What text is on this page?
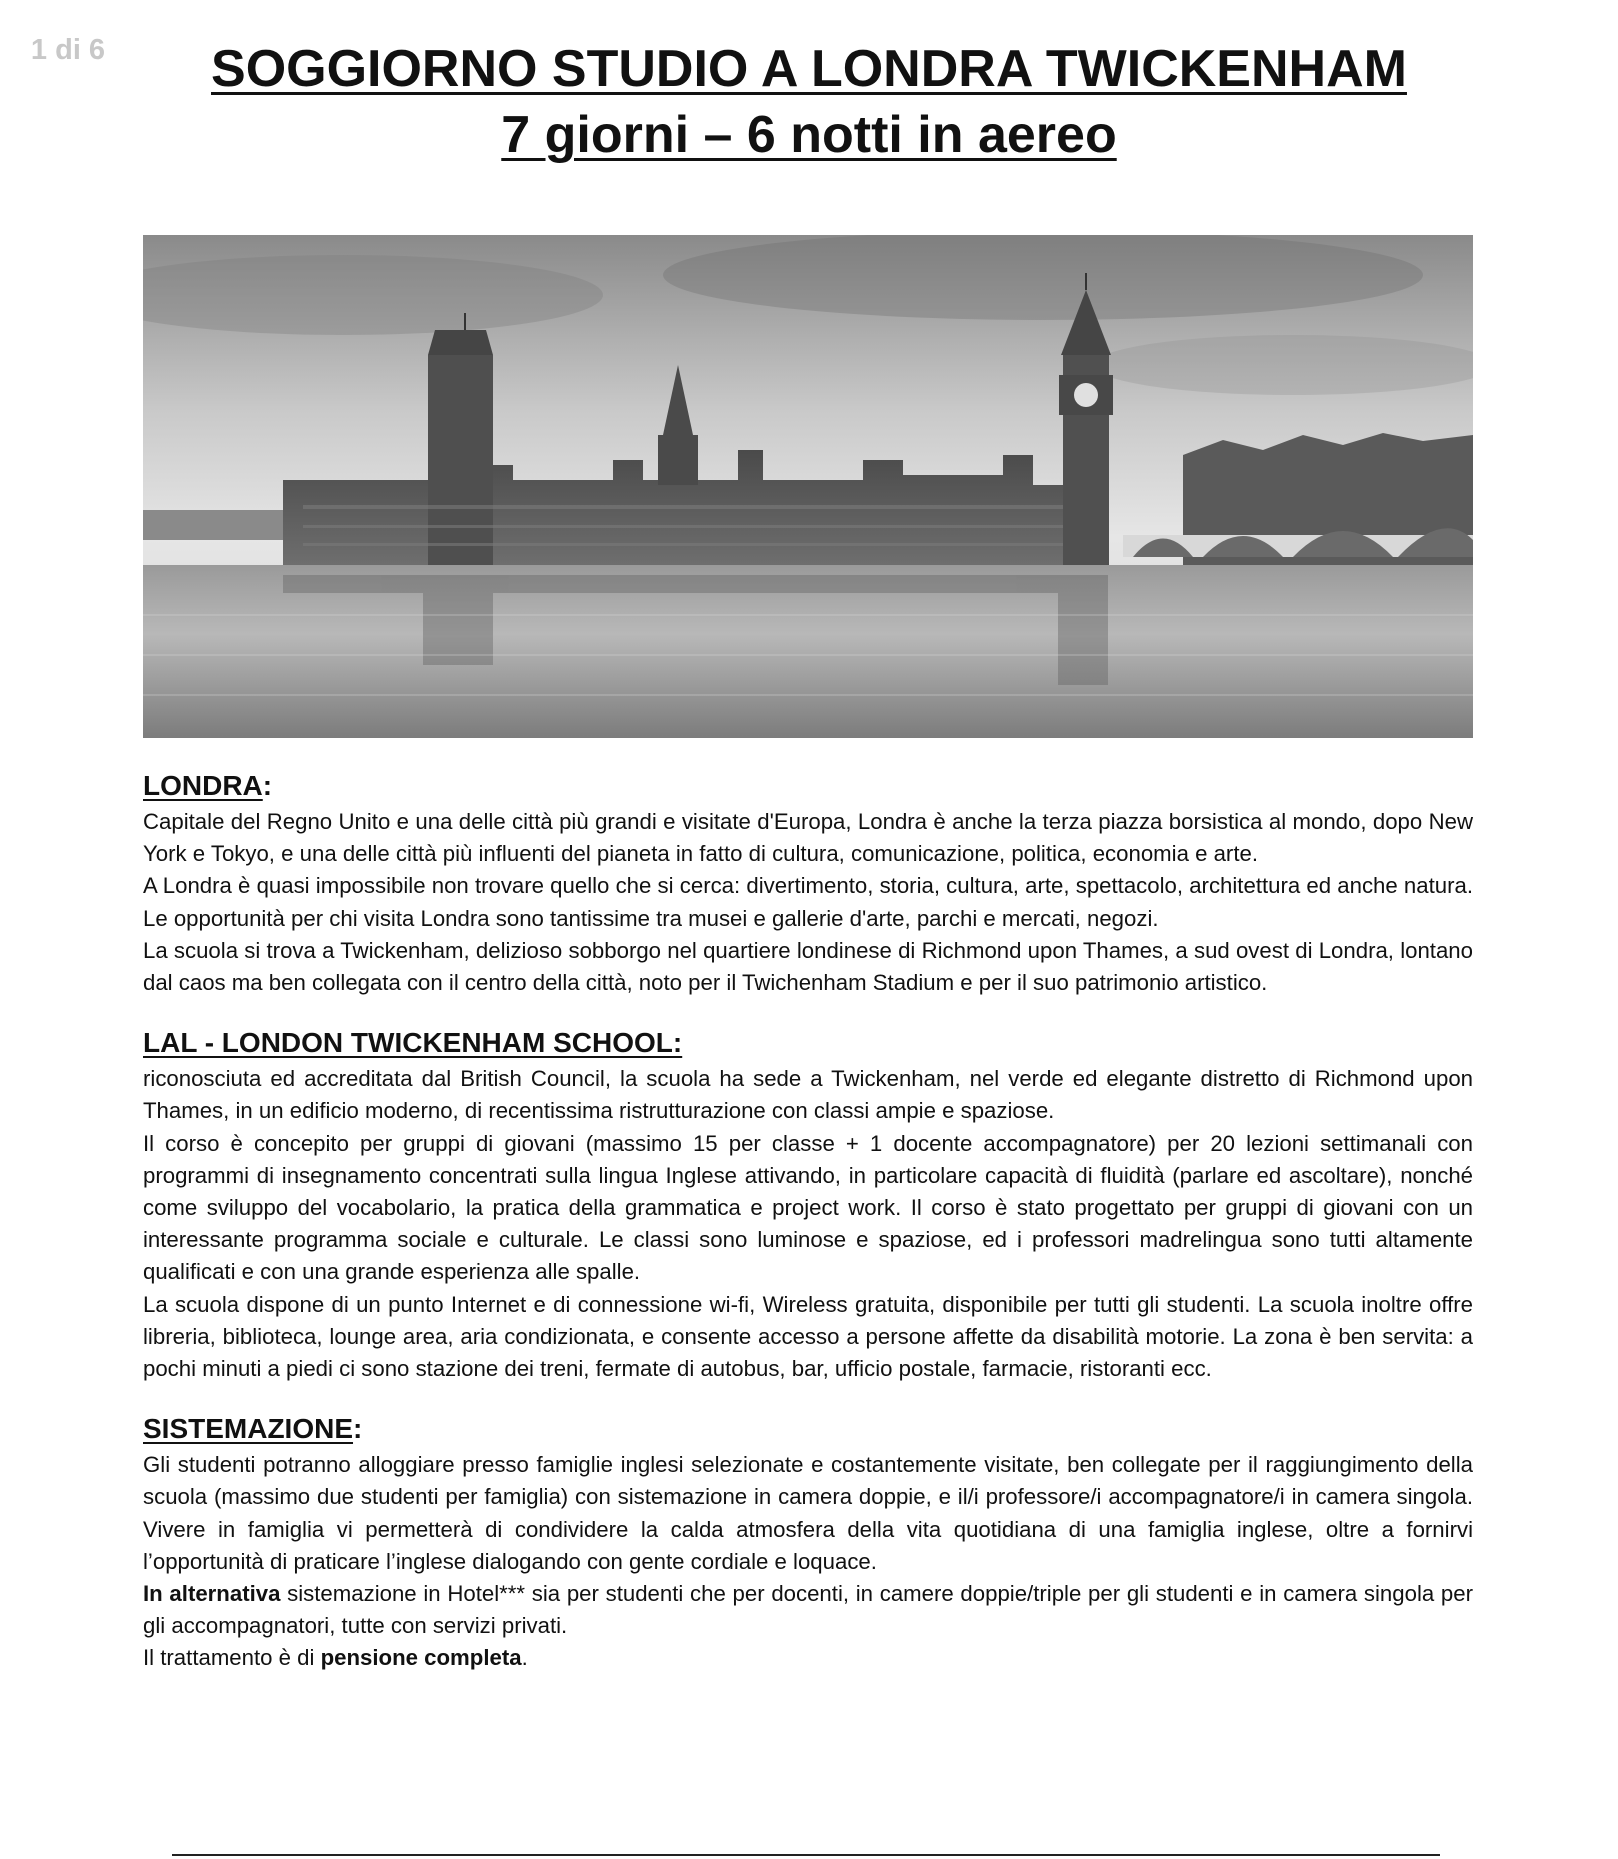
1 di 6	SOGGIORNO STUDIO A LONDRA TWICKENHAM
7 giorni – 6 notti in aereo
LONDRA:

Capitale del Regno Unito e una delle città più grandi e visitate d'Europa, Londra è anche la terza piazza borsistica al mondo, dopo New York e Tokyo, e una delle città più influenti del pianeta in fatto di cultura, comunicazione, politica, economia e arte.

A Londra è quasi impossibile non trovare quello che si cerca: divertimento, storia, cultura, arte, spettacolo, architettura ed anche natura. Le opportunità per chi visita Londra sono tantissime tra musei e gallerie d'arte, parchi e mercati, negozi.

La scuola si trova a Twickenham, delizioso sobborgo nel quartiere londinese di Richmond upon Thames, a sud ovest di Londra, lontano dal caos ma ben collegata con il centro della città, noto per il Twichenham Stadium e per il suo patrimonio artistico.

LAL - LONDON TWICKENHAM SCHOOL:

riconosciuta ed accreditata dal British Council, la scuola ha sede a Twickenham, nel verde ed elegante distretto di Richmond upon Thames, in un edificio moderno, di recentissima ristrutturazione con classi ampie e spaziose.

Il corso è concepito per gruppi di giovani (massimo 15 per classe + 1 docente accompagnatore) per 20 lezioni settimanali con programmi di insegnamento concentrati sulla lingua Inglese attivando, in particolare capacità di fluidità (parlare ed ascoltare), nonché come sviluppo del vocabolario, la pratica della grammatica e project work. Il corso è stato progettato per gruppi di giovani con un interessante programma sociale e culturale. Le classi sono luminose e spaziose, ed i professori madrelingua sono tutti altamente qualificati e con una grande esperienza alle spalle.

La scuola dispone di un punto Internet e di connessione wi-fi, Wireless gratuita, disponibile per tutti gli studenti. La scuola inoltre offre libreria, biblioteca, lounge area, aria condizionata, e consente accesso a persone affette da disabilità motorie. La zona è ben servita: a pochi minuti a piedi ci sono stazione dei treni, fermate di autobus, bar, ufficio postale, farmacie, ristoranti ecc.

SISTEMAZIONE:

Gli studenti potranno alloggiare presso famiglie inglesi selezionate e costantemente visitate, ben collegate per il raggiungimento della scuola (massimo due studenti per famiglia) con sistemazione in camera doppie, e il/i professore/i accompagnatore/i in camera singola. Vivere in famiglia vi permetterà di condividere la calda atmosfera della vita quotidiana di una famiglia inglese, oltre a fornirvi l’opportunità di praticare l’inglese dialogando con gente cordiale e loquace.

In alternativa sistemazione in Hotel*** sia per studenti che per docenti, in camere doppie/triple per gli studenti e in camera singola per gli accompagnatori, tutte con servizi privati.

Il trattamento è di pensione completa.
